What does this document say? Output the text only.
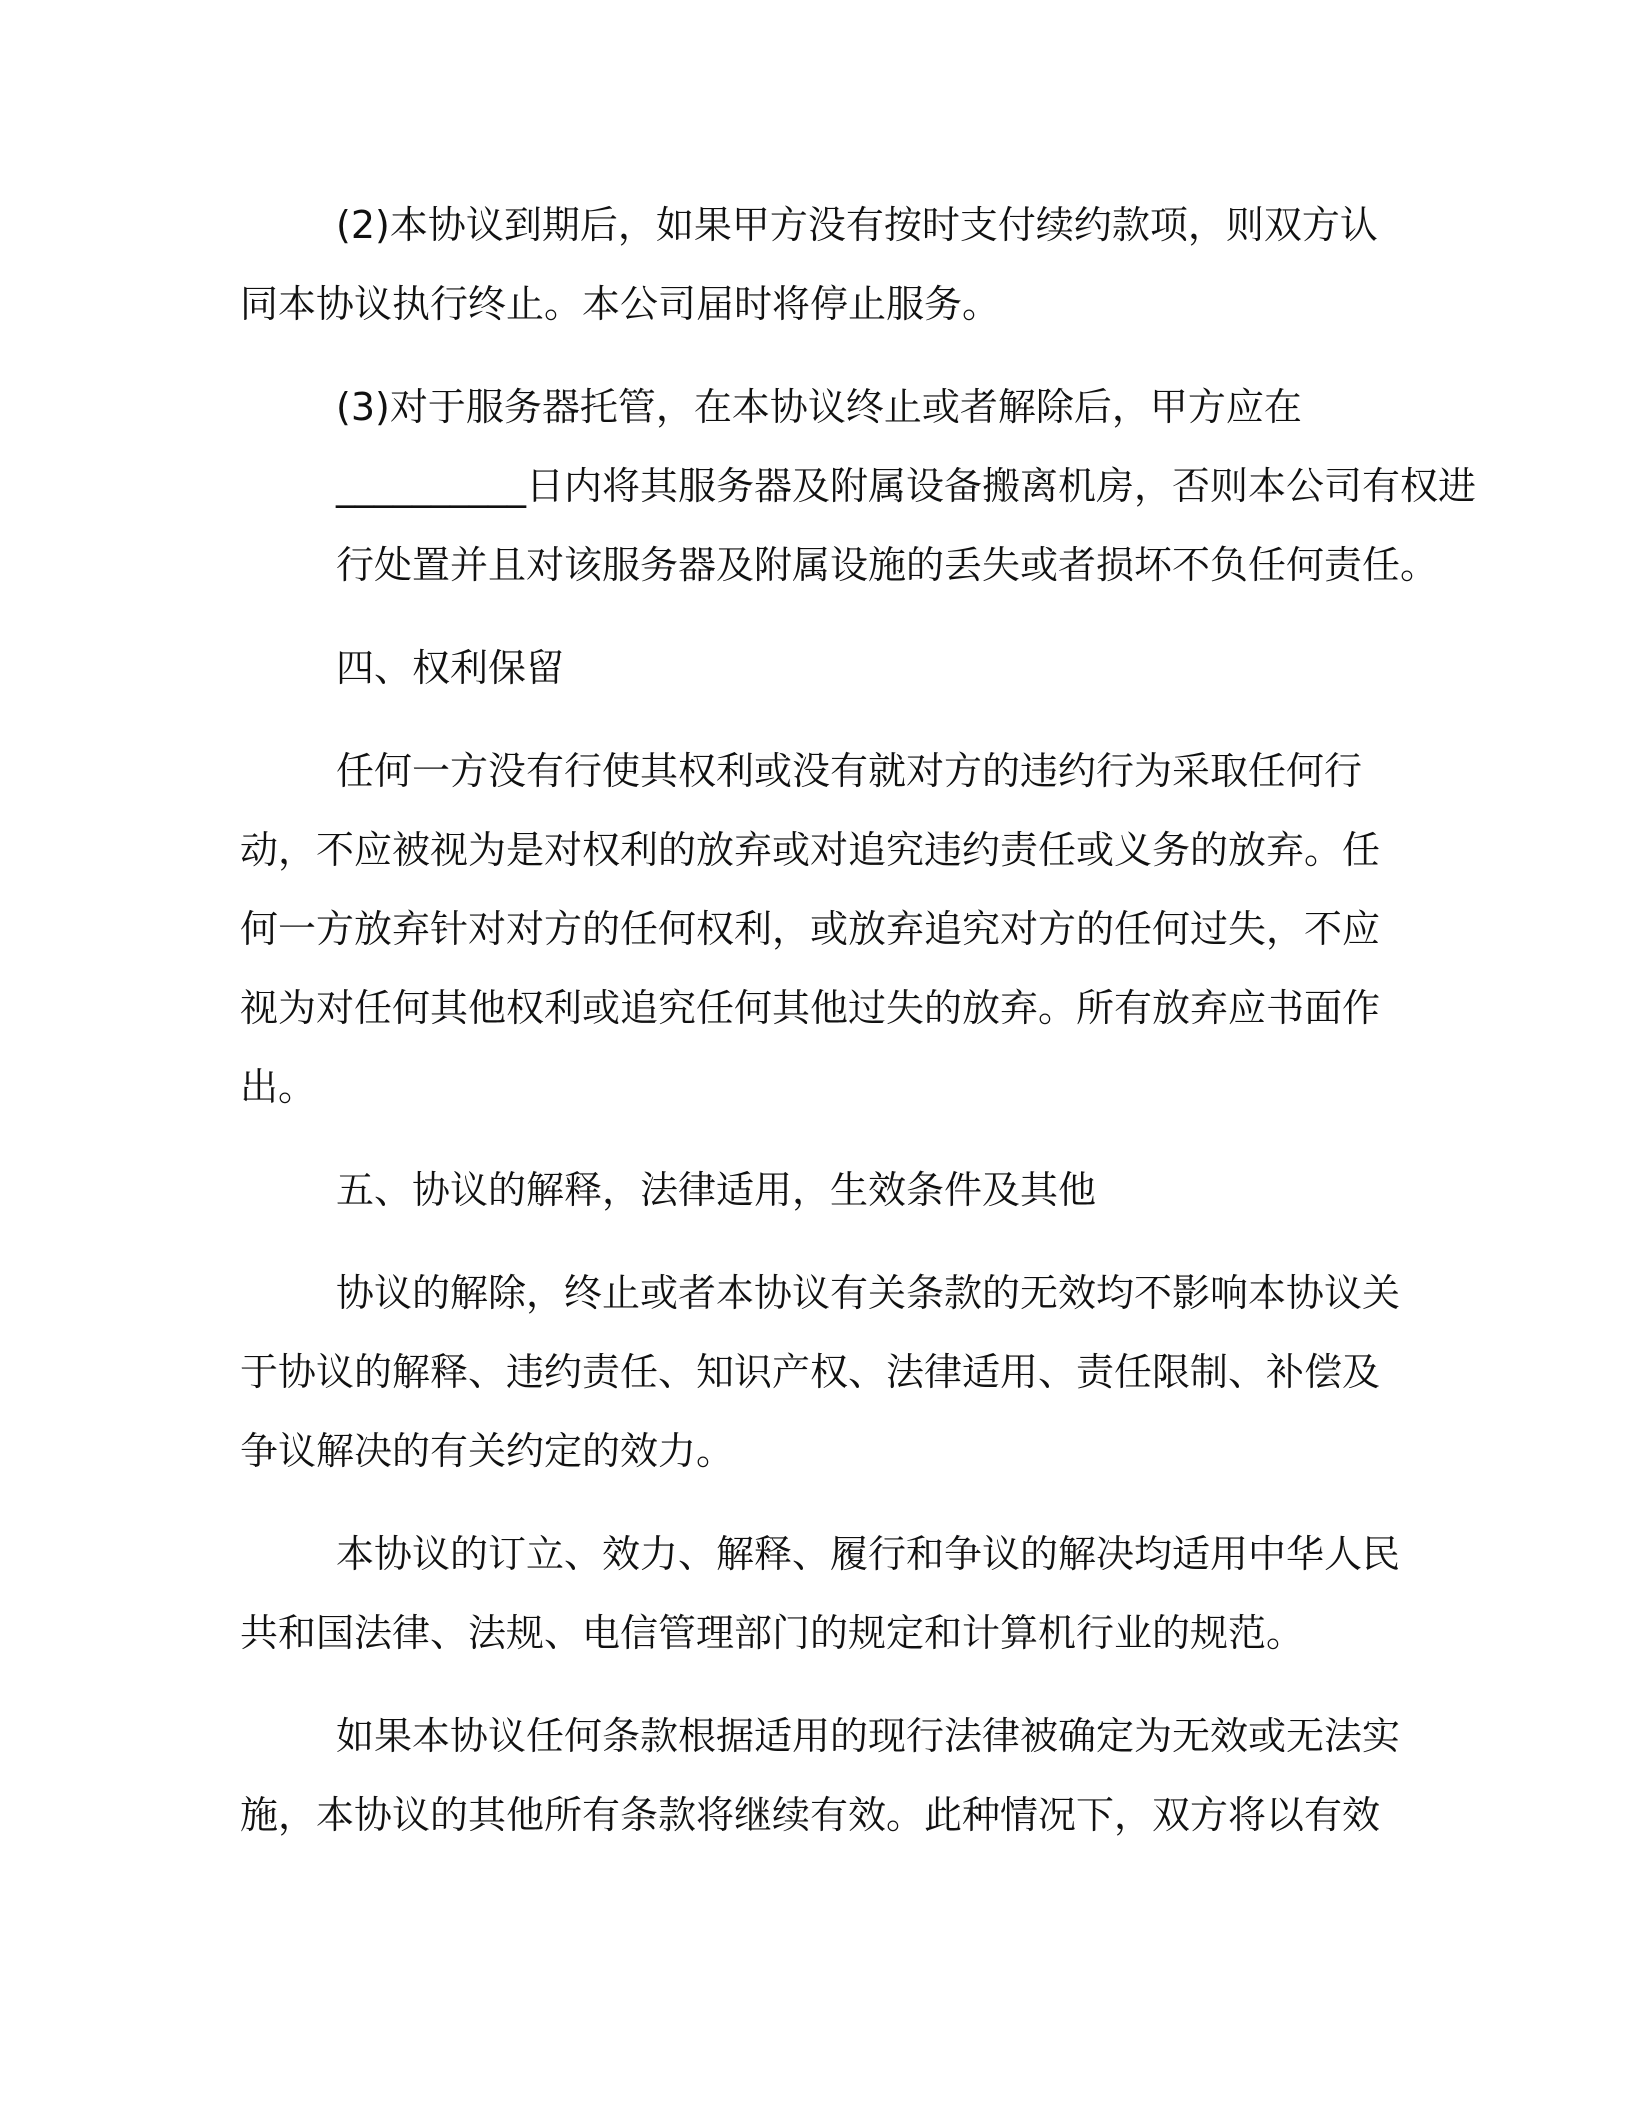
(2)本协议到期后，如果甲方没有按时支付续约款项，则双方认同本协议执行终止。本公司届时将停止服务。

(3)对于服务器托管，在本协议终止或者解除后，甲方应在
__________日内将其服务器及附属设备搬离机房，否则本公司有权进
行处置并且对该服务器及附属设施的丢失或者损坏不负任何责任。

四、权利保留

任何一方没有行使其权利或没有就对方的违约行为采取任何行动，不应被视为是对权利的放弃或对追究违约责任或义务的放弃。任何一方放弃针对对方的任何权利，或放弃追究对方的任何过失，不应视为对任何其他权利或追究任何其他过失的放弃。所有放弃应书面作出。

五、协议的解释，法律适用，生效条件及其他

协议的解除，终止或者本协议有关条款的无效均不影响本协议关于协议的解释、违约责任、知识产权、法律适用、责任限制、补偿及争议解决的有关约定的效力。

本协议的订立、效力、解释、履行和争议的解决均适用中华人民共和国法律、法规、电信管理部门的规定和计算机行业的规范。

如果本协议任何条款根据适用的现行法律被确定为无效或无法实施，本协议的其他所有条款将继续有效。此种情况下，双方将以有效
